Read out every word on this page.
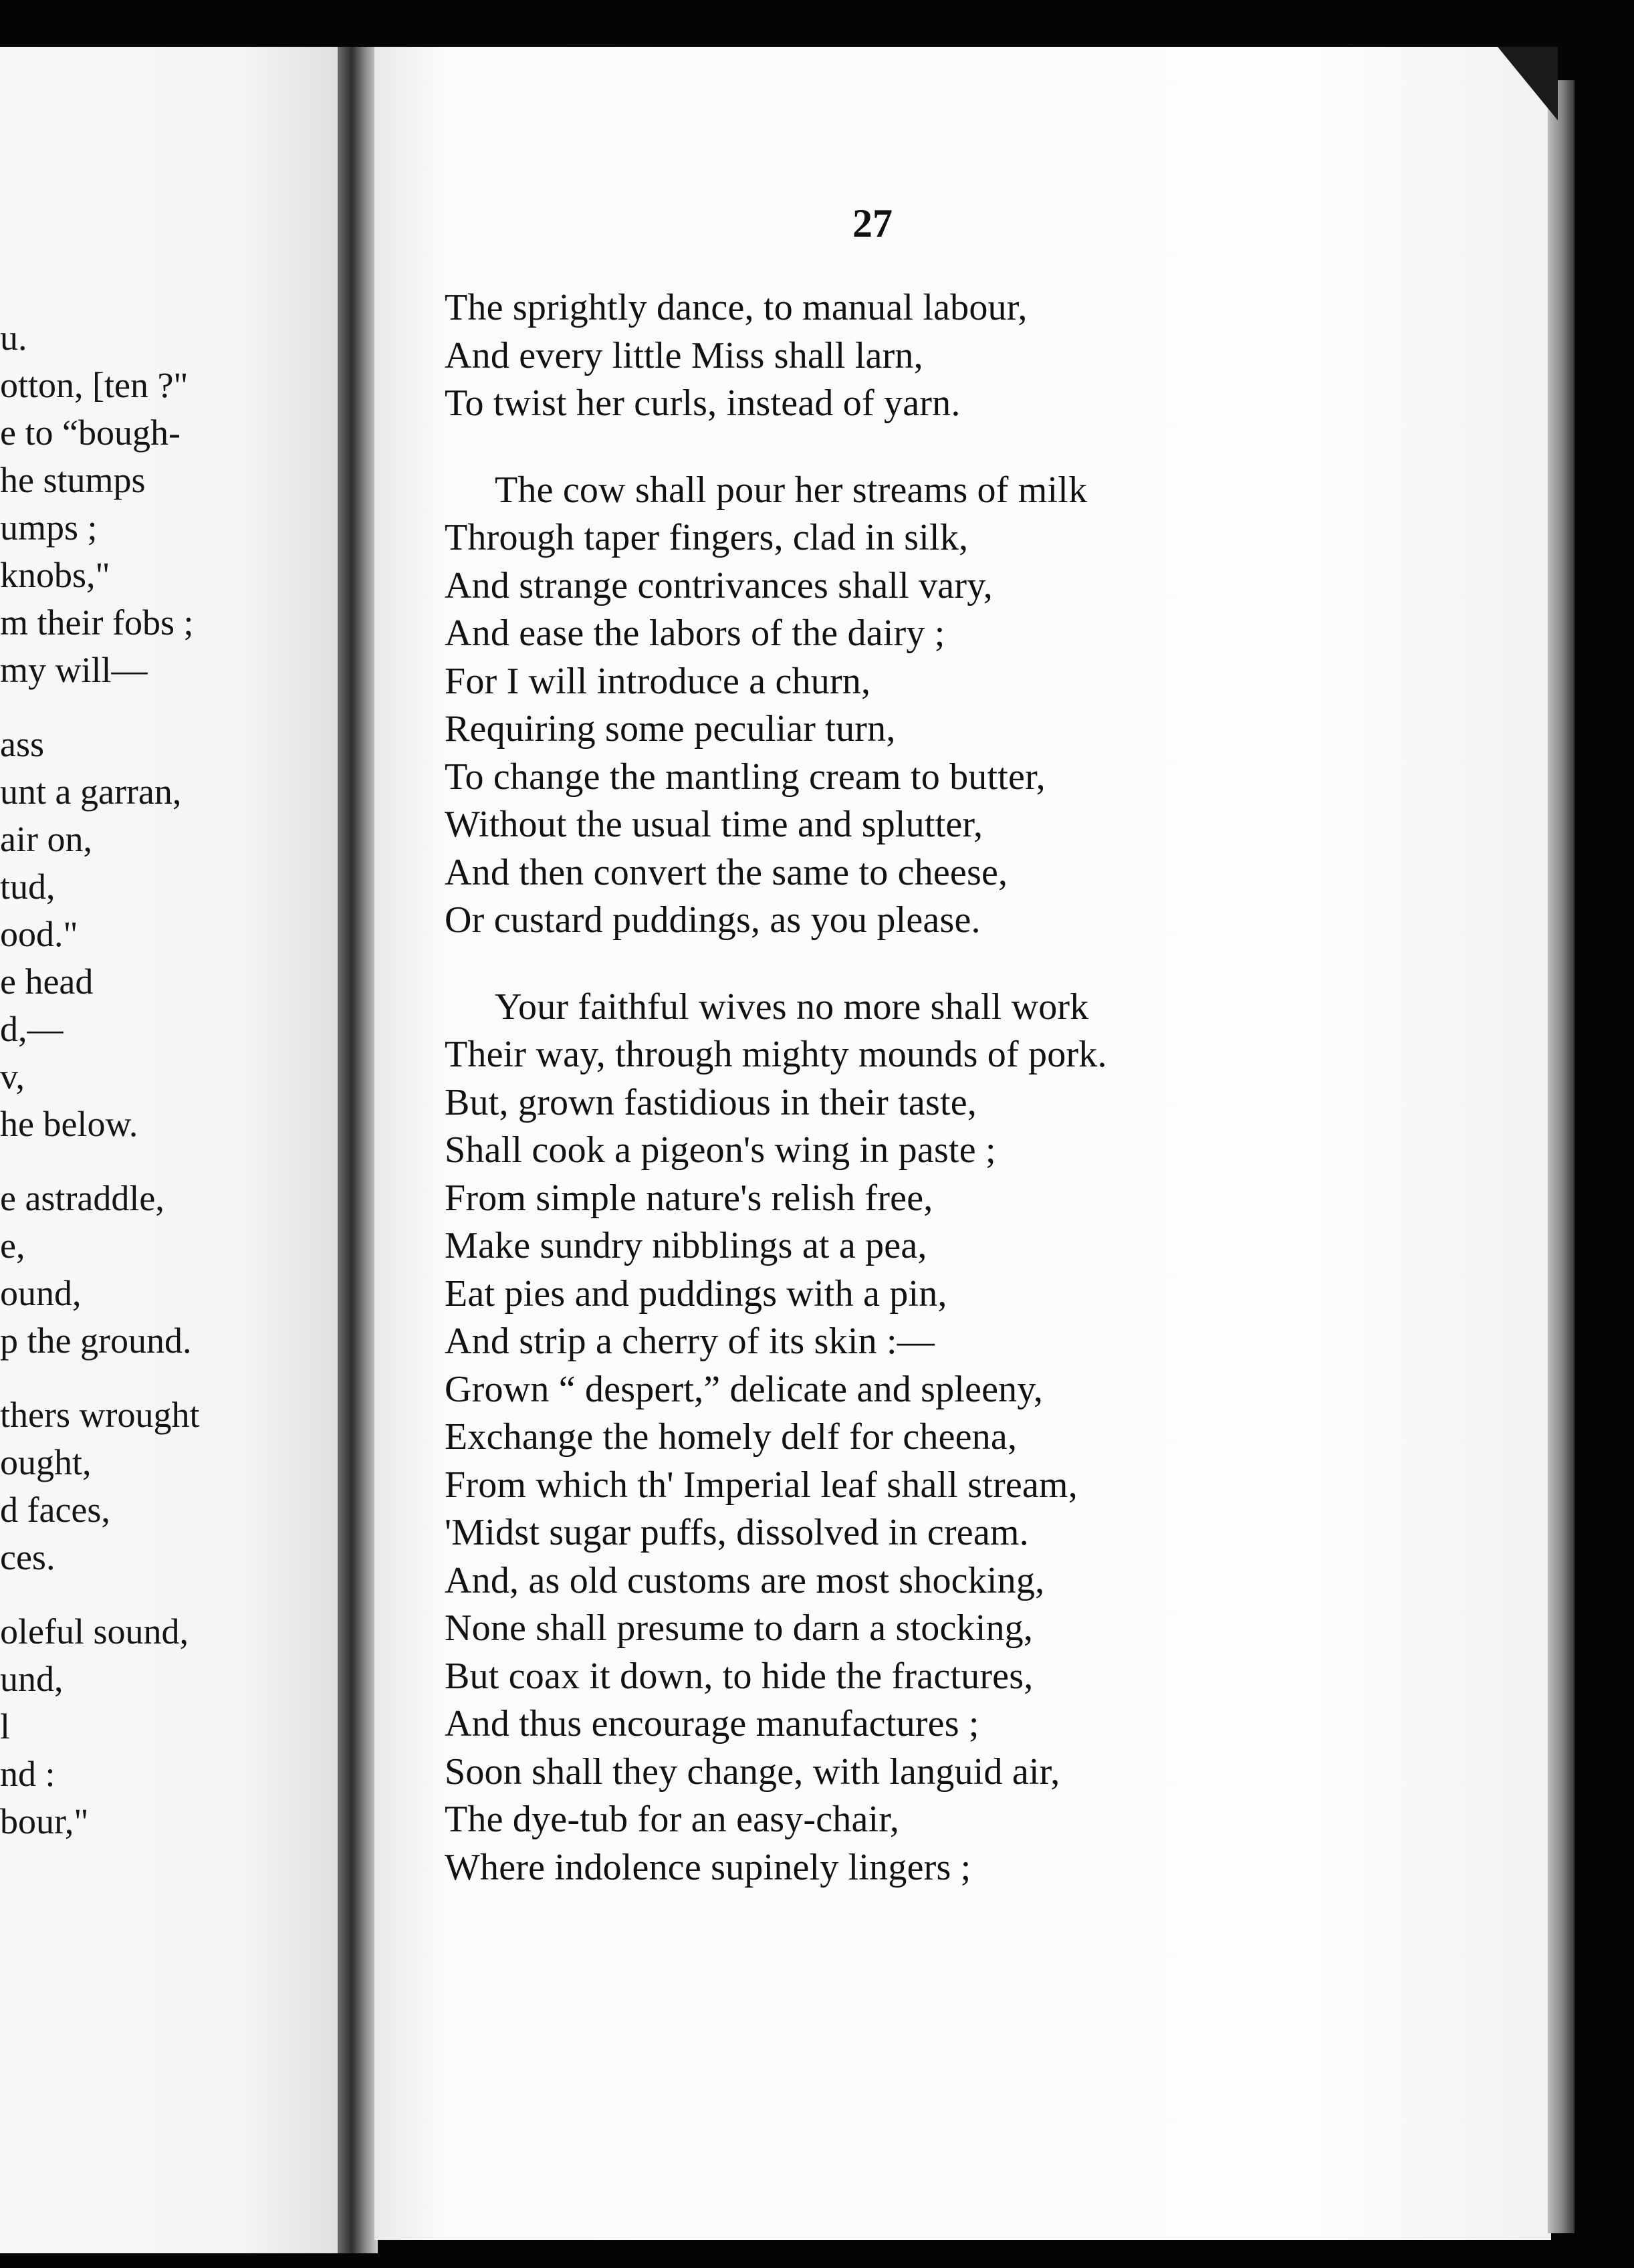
u.
otton, [ten ?"
e to “bough-
he stumps
umps ;
knobs,"
m their fobs ;
my will—
ass
unt a garran,
air on,
tud,
ood."
e head
d,—
v,
he below.
e astraddle,
e,
ound,
p the ground.
thers wrought
ought,
d faces,
ces.
oleful sound,
und,
l
nd :
bour,"
27
The sprightly dance, to manual labour,
And every little Miss shall larn,
To twist her curls, instead of yarn.
The cow shall pour her streams of milk
Through taper fingers, clad in silk,
And strange contrivances shall vary,
And ease the labors of the dairy ;
For I will introduce a churn,
Requiring some peculiar turn,
To change the mantling cream to butter,
Without the usual time and splutter,
And then convert the same to cheese,
Or custard puddings, as you please.
Your faithful wives no more shall work
Their way, through mighty mounds of pork.
But, grown fastidious in their taste,
Shall cook a pigeon's wing in paste ;
From simple nature's relish free,
Make sundry nibblings at a pea,
Eat pies and puddings with a pin,
And strip a cherry of its skin :—
Grown “ despert,” delicate and spleeny,
Exchange the homely delf for cheena,
From which th' Imperial leaf shall stream,
'Midst sugar puffs, dissolved in cream.
And, as old customs are most shocking,
None shall presume to darn a stocking,
But coax it down, to hide the fractures,
And thus encourage manufactures ;
Soon shall they change, with languid air,
The dye-tub for an easy-chair,
Where indolence supinely lingers ;
